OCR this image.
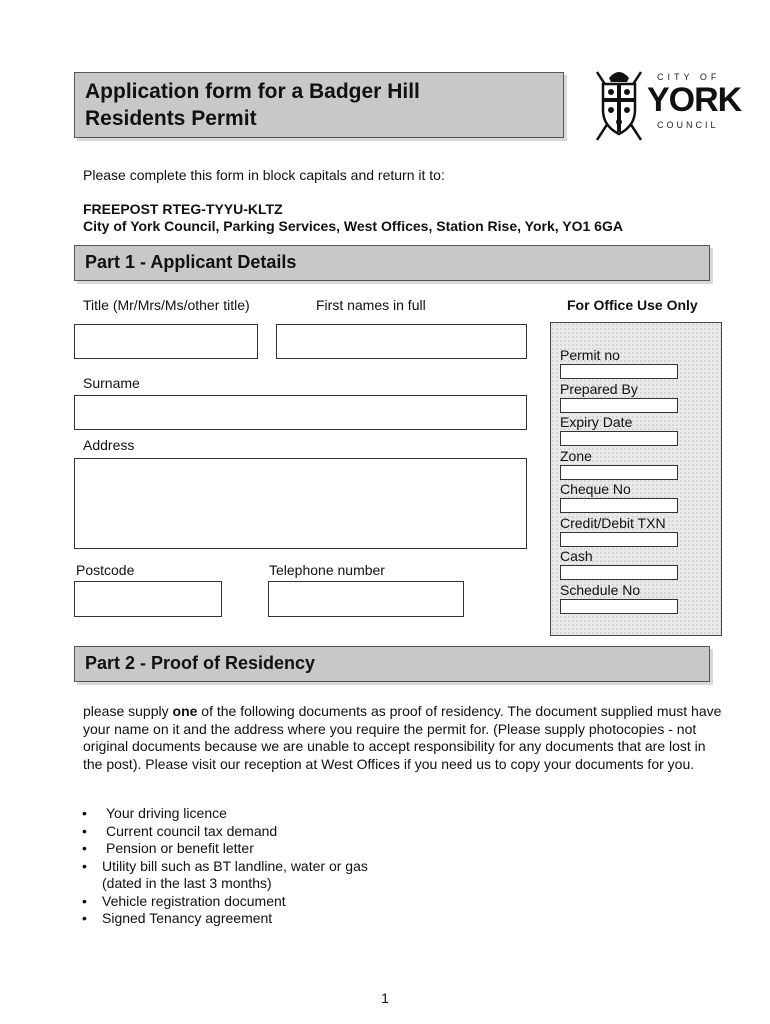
Application form for a Badger Hill
Residents Permit
CITY OF
YORK
COUNCIL
Please complete this form in block capitals and return it to:
FREEPOST RTEG-TYYU-KLTZ
City of York Council, Parking Services, West Offices, Station Rise, York, YO1 6GA
Part 1 - Applicant Details
Title (Mr/Mrs/Ms/other title)	First names in full	For Office Use Only
Surname
Address
Postcode	Telephone number
Permit no
Prepared By
Expiry Date
Zone
Cheque No
Credit/Debit TXN
Cash
Schedule No
Part 2 - Proof of Residency
please supply one of the following documents as proof of residency. The document supplied must have your name on it and the address where you require the permit for. (Please supply photocopies - not original documents because we are unable to accept responsibility for any documents that are lost in the post). Please visit our reception at West Offices if you need us to copy your documents for you.
• Your driving licence
• Current council tax demand
• Pension or benefit letter
• Utility bill such as BT landline, water or gas (dated in the last 3 months)
• Vehicle registration document
• Signed Tenancy agreement
1
